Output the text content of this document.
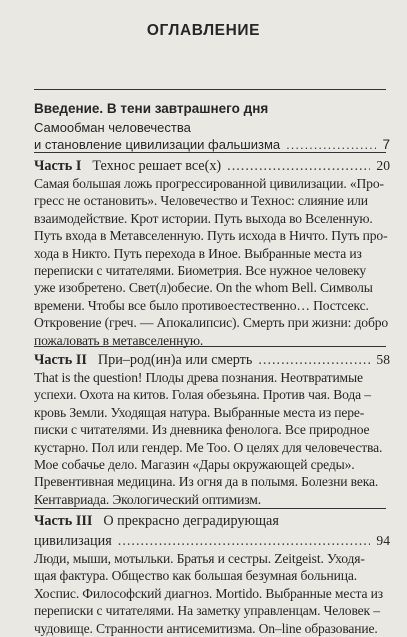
ОГЛАВЛЕНИЕ
Введение. В тени завтрашнего дня
Самообман человечества
и становление цивилизации фальшизма .....	7
Часть I Технос решает все(х) .....	20
Самая большая ложь прогрессированной цивилизации. «Про-
гресс не остановить». Человечество и Технос: слияние или
взаимодействие. Крот истории. Путь выхода во Вселенную.
Путь входа в Метавселенную. Путь исхода в Ничто. Путь про-
хода в Никто. Путь перехода в Иное. Выбранные места из
переписки с читателями. Биометрия. Все нужное человеку
уже изобретено. Свет(л)обесие. On the whom Bell. Символы
времени. Чтобы все было противоестественно… Постсекс.
Откровение (греч. — Апокалипсис). Смерть при жизни: добро
пожаловать в метавселенную.
Часть II При–род(ин)а или смерть .....	58
That is the question! Плоды древа познания. Неотвратимые
успехи. Охота на китов. Голая обезьяна. Против чая. Вода –
кровь Земли. Уходящая натура. Выбранные места из пере-
писки с читателями. Из дневника фенолога. Все природное
кустарно. Пол или гендер. Me Too. О целях для человечества.
Мое собачье дело. Магазин «Дары окружающей среды».
Превентивная медицина. Из огня да в полымя. Болезни века.
Кентавриада. Экологический оптимизм.
Часть III О прекрасно деградирующая
цивилизация .....	94
Люди, мыши, мотыльки. Братья и сестры. Zeitgeist. Уходя-
щая фактура. Общество как большая безумная больница.
Хоспис. Философский диагноз. Mortido. Выбранные места из
переписки с читателями. На заметку управленцам. Человек –
чудовище. Странности антисемитизма. On–line образование.
